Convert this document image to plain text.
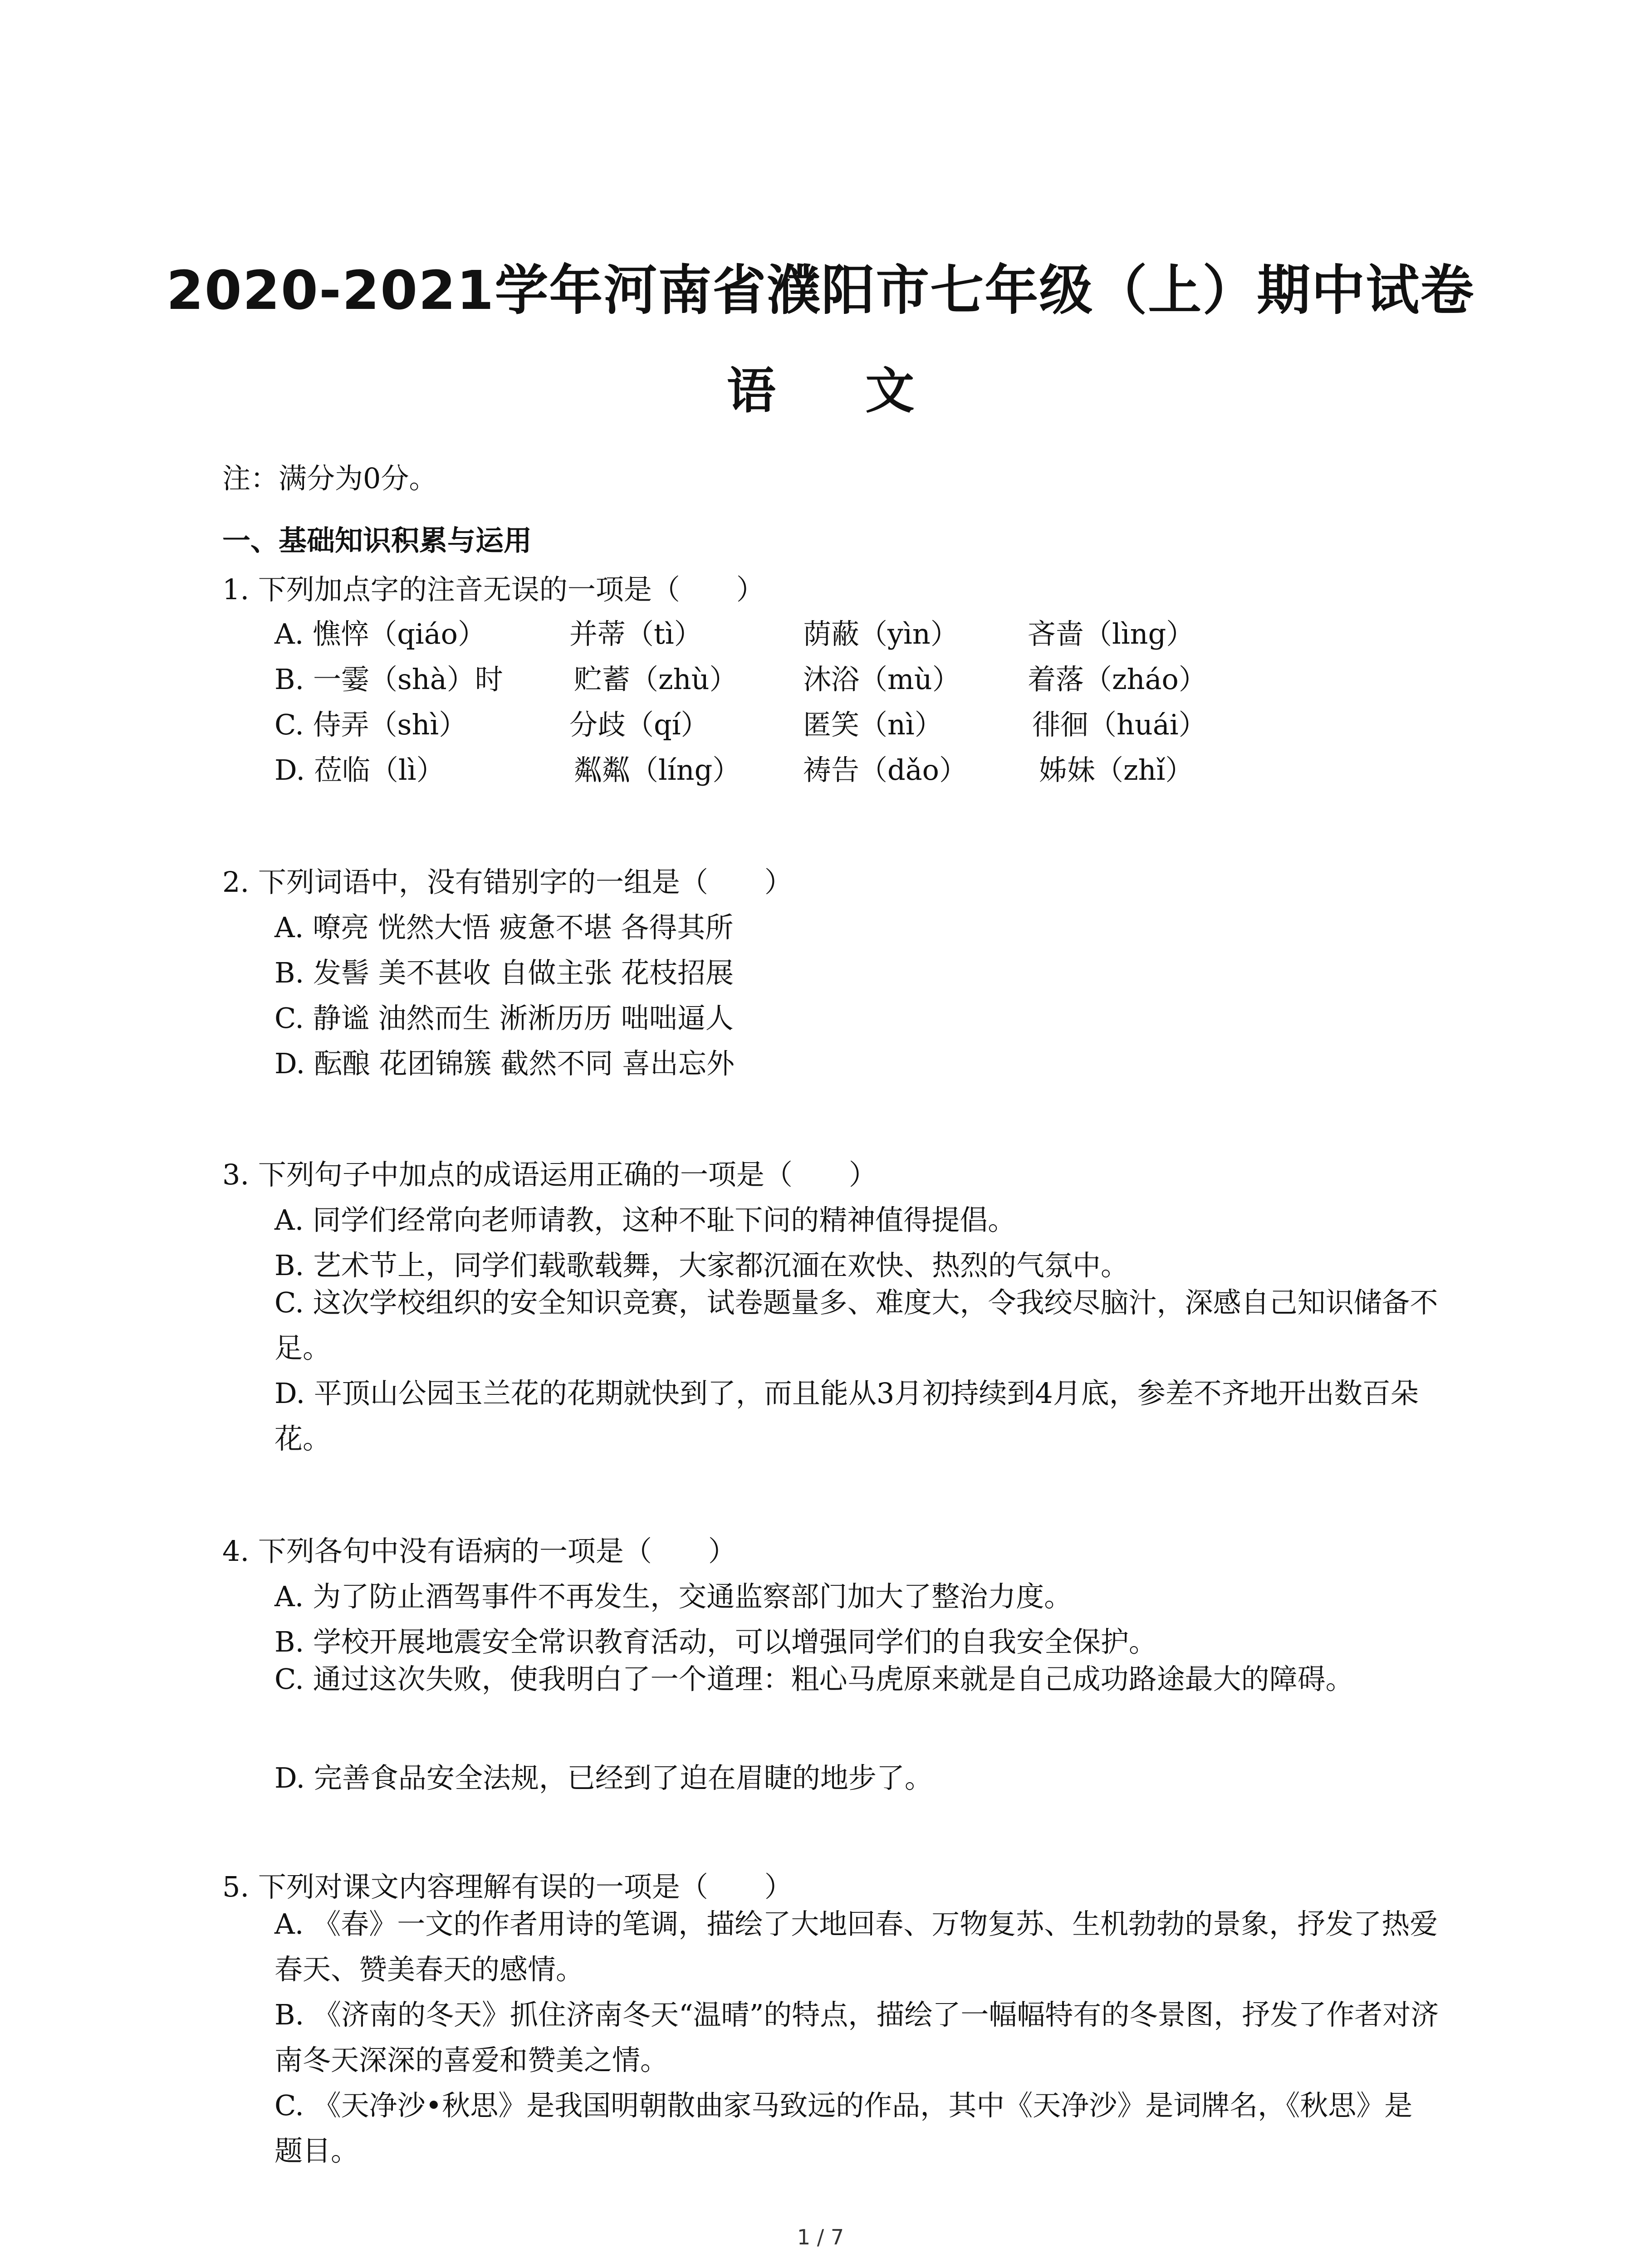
2020-2021学年河南省濮阳市七年级（上）期中试卷
语 文
注：满分为0分。
一、基础知识积累与运用
1. 下列加点字的注音无误的一项是（　　）
A. 憔悴（qiáo）	并蒂（tì）	荫蔽（yìn） 吝啬（lìng）
B. 一霎（shà）时	贮蓄（zhù） 沐浴（mù） 着落（zháo）
C. 侍弄（shì）	分歧（qí）	匿笑（nì）	徘徊（huái）
D. 莅临（lì）	粼粼（líng） 祷告（dǎo）	姊妹（zhǐ）
2. 下列词语中，没有错别字的一组是（　　）
A. 嘹亮 恍然大悟 疲惫不堪 各得其所
B. 发髻 美不甚收 自做主张 花枝招展
C. 静谧 油然而生 淅淅历历 咄咄逼人
D. 酝酿 花团锦簇 截然不同 喜出忘外
3. 下列句子中加点的成语运用正确的一项是（　　）
A. 同学们经常向老师请教，这种不耻下问的精神值得提倡。
B. 艺术节上，同学们载歌载舞，大家都沉湎在欢快、热烈的气氛中。
C. 这次学校组织的安全知识竞赛，试卷题量多、难度大，令我绞尽脑汁，深感自己知识储备不足。
D. 平顶山公园玉兰花的花期就快到了，而且能从3月初持续到4月底，参差不齐地开出数百朵花。
4. 下列各句中没有语病的一项是（　　）
A. 为了防止酒驾事件不再发生，交通监察部门加大了整治力度。
B. 学校开展地震安全常识教育活动，可以增强同学们的自我安全保护。
C. 通过这次失败，使我明白了一个道理：粗心马虎原来就是自己成功路途最大的障碍。
D. 完善食品安全法规，已经到了迫在眉睫的地步了。
5. 下列对课文内容理解有误的一项是（　　）
A. 《春》一文的作者用诗的笔调，描绘了大地回春、万物复苏、生机勃勃的景象，抒发了热爱春天、赞美春天的感情。
B. 《济南的冬天》抓住济南冬天“温晴”的特点，描绘了一幅幅特有的冬景图，抒发了作者对济南冬天深深的喜爱和赞美之情。
C. 《天净沙•秋思》是我国明朝散曲家马致远的作品，其中《天净沙》是词牌名，《秋思》是题目。
1 / 7
